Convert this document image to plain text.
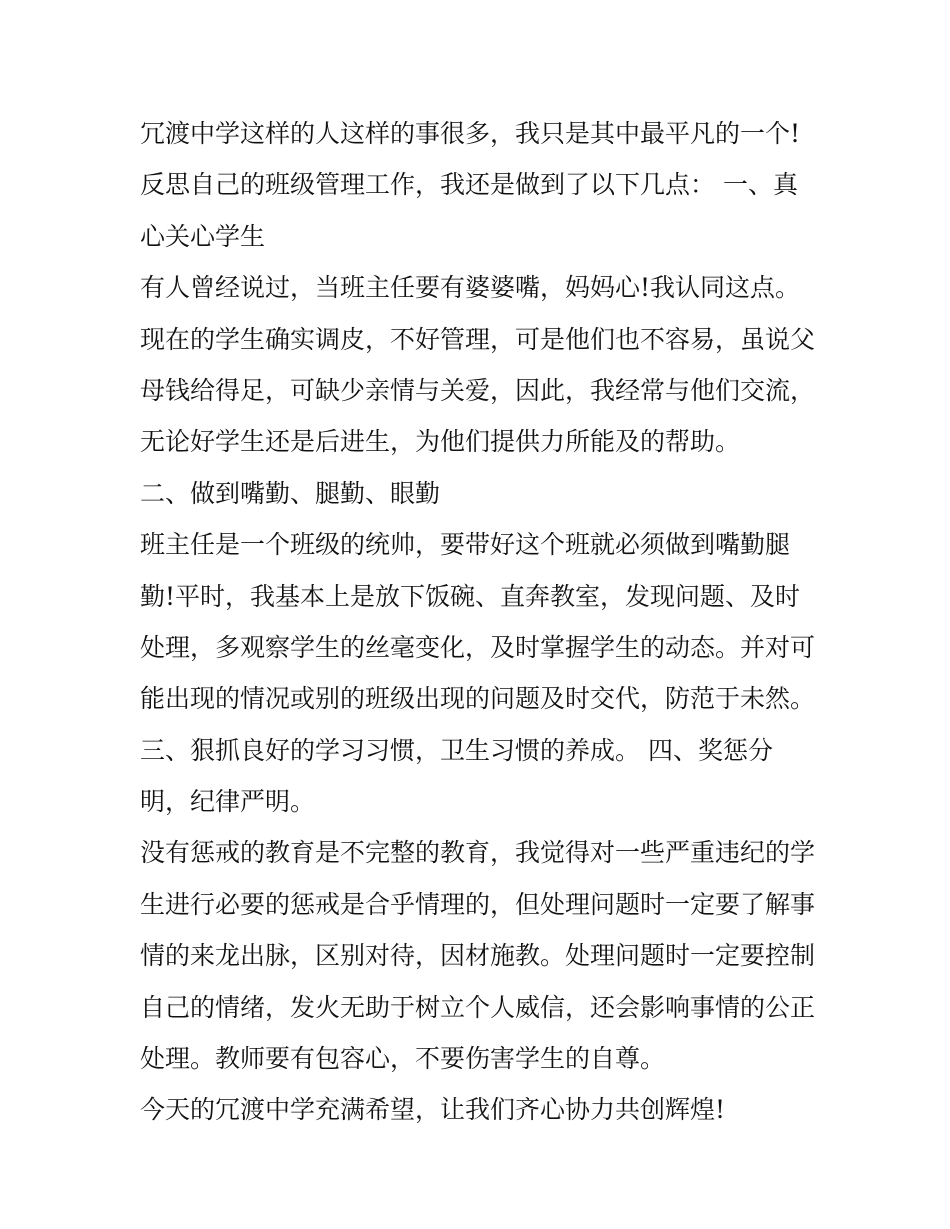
冗渡中学这样的人这样的事很多，我只是其中最平凡的一个!
反思自己的班级管理工作，我还是做到了以下几点： 一、真
心关心学生
有人曾经说过，当班主任要有婆婆嘴，妈妈心!我认同这点。
现在的学生确实调皮，不好管理，可是他们也不容易，虽说父
母钱给得足，可缺少亲情与关爱，因此，我经常与他们交流，
无论好学生还是后进生，为他们提供力所能及的帮助。
二、做到嘴勤、腿勤、眼勤
班主任是一个班级的统帅，要带好这个班就必须做到嘴勤腿
勤!平时，我基本上是放下饭碗、直奔教室，发现问题、及时
处理，多观察学生的丝毫变化，及时掌握学生的动态。并对可
能出现的情况或别的班级出现的问题及时交代，防范于未然。
三、狠抓良好的学习习惯，卫生习惯的养成。 四、奖惩分
明，纪律严明。
没有惩戒的教育是不完整的教育，我觉得对一些严重违纪的学
生进行必要的惩戒是合乎情理的，但处理问题时一定要了解事
情的来龙出脉，区别对待，因材施教。处理问题时一定要控制
自己的情绪，发火无助于树立个人威信，还会影响事情的公正
处理。教师要有包容心，不要伤害学生的自尊。
今天的冗渡中学充满希望，让我们齐心协力共创辉煌!
